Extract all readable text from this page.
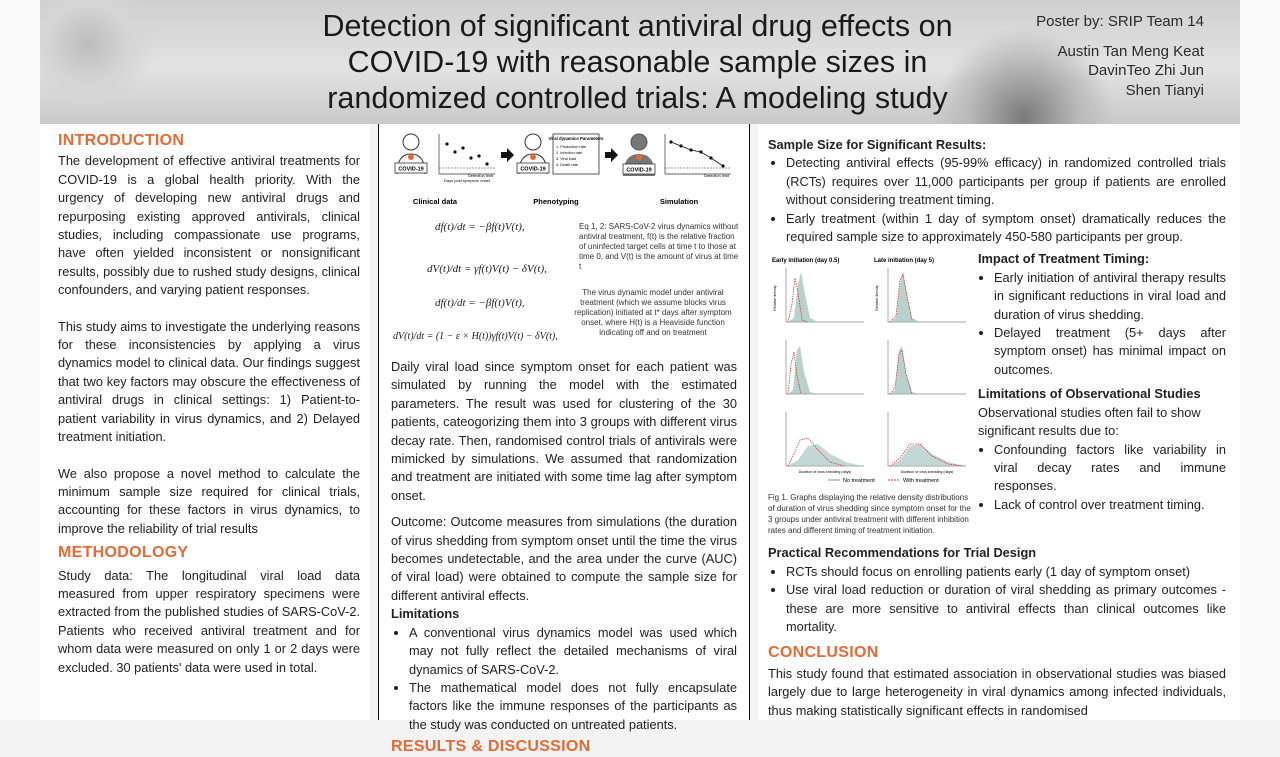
Detection of significant antiviral drug effects on
COVID-19 with reasonable sample sizes in
randomized controlled trials: A modeling study
Poster by: SRIP Team 14
Austin Tan Meng Keat
DavinTeo Zhi Jun
Shen Tianyi
INTRODUCTION

The development of effective antiviral treatments for COVID-19 is a global health priority. With the urgency of developing new antiviral drugs and repurposing existing approved antivirals, clinical studies, including compassionate use programs, have often yielded inconsistent or nonsignificant results, possibly due to rushed study designs, clinical confounders, and varying patient responses.

This study aims to investigate the underlying reasons for these inconsistencies by applying a virus dynamics model to clinical data. Our findings suggest that two key factors may obscure the effectiveness of antiviral drugs in clinical settings: 1) Patient-to-patient variability in virus dynamics, and 2) Delayed treatment initiation.

We also propose a novel method to calculate the minimum sample size required for clinical trials, accounting for these factors in virus dynamics, to improve the reliability of trial results

METHODOLOGY

Study data: The longitudinal viral load data measured from upper respiratory specimens were extracted from the published studies of SARS-CoV-2. Patients who received antiviral treatment and for whom data were measured on only 1 or 2 days were excluded. 30 patients' data were used in total.

COVID-19
Detection limit
Days post symptom onset
COVID-19
Viral dynamics Parameters
1. Production rate
2. Infection rate
3. Viral load
4. Death rate
COVID-19
Detection limit
Clinical data	Phenotyping	Simulation
df(t)/dt = −βf(t)V(t),
dV(t)/dt = γf(t)V(t) − δV(t),
df(t)/dt = −βf(t)V(t),
dV(t)/dt = (1 − ε × H(t))γf(t)V(t) − δV(t),
Eq 1, 2: SARS-CoV-2 virus dynamics without antiviral treatment, f(t) is the relative fraction of uninfected target cells at time t to those at time 0, and V(t) is the amount of virus at time t
The virus dynamic model under antiviral treatment (which we assume blocks virus replication) initiated at t* days after symptom onset, where H(t) is a Heaviside function indicating off and on treatment

Daily viral load since symptom onset for each patient was simulated by running the model with the estimated parameters. The result was used for clustering of the 30 patients, cateogorizing them into 3 groups with different virus decay rate. Then, randomised control trials of antivirals were mimicked by simulations. We assumed that randomization and treatment are initiated with some time lag after symptom onset.

Outcome: Outcome measures from simulations (the duration of virus shedding from symptom onset until the time the virus becomes undetectable, and the area under the curve (AUC) of viral load) were obtained to compute the sample size for different antiviral effects.

Limitations
• A conventional virus dynamics model was used which may not fully reflect the detailed mechanisms of viral dynamics of SARS-CoV-2.
• The mathematical model does not fully encapsulate factors like the immune responses of the participants as the study was conducted on untreated patients.
RESULTS & DISCUSSION
Sample Size for Significant Results:
• Detecting antiviral effects (95-99% efficacy) in randomized controlled trials (RCTs) requires over 11,000 participants per group if patients are enrolled without considering treatment timing.
• Early treatment (within 1 day of symptom onset) dramatically reduces the required sample size to approximately 450-580 participants per group.
Early initiation (day 0.5)	Late initiation (day 5)
Duration of virus shedding (days)	Duration of virus shedding (days)
Relative density	Relative density
No treatment	With treatment
Fig 1. Graphs displaying the relative density distributions of duration of virus shedding since symptom onset for the 3 groups under antiviral treatment with different inhibition rates and different timing of treatment initiation.
Impact of Treatment Timing:
• Early initiation of antiviral therapy results in significant reductions in viral load and duration of virus shedding.
• Delayed treatment (5+ days after symptom onset) has minimal impact on outcomes.
Limitations of Observational Studies

Observational studies often fail to show significant results due to:

• Confounding factors like variability in viral decay rates and immune responses.
• Lack of control over treatment timing.
Practical Recommendations for Trial Design
• RCTs should focus on enrolling patients early (1 day of symptom onset)
• Use viral load reduction or duration of viral shedding as primary outcomes - these are more sensitive to antiviral effects than clinical outcomes like mortality.
CONCLUSION

This study found that estimated association in observational studies was biased largely due to large heterogeneity in viral dynamics among infected individuals, thus making statistically significant effects in randomised
